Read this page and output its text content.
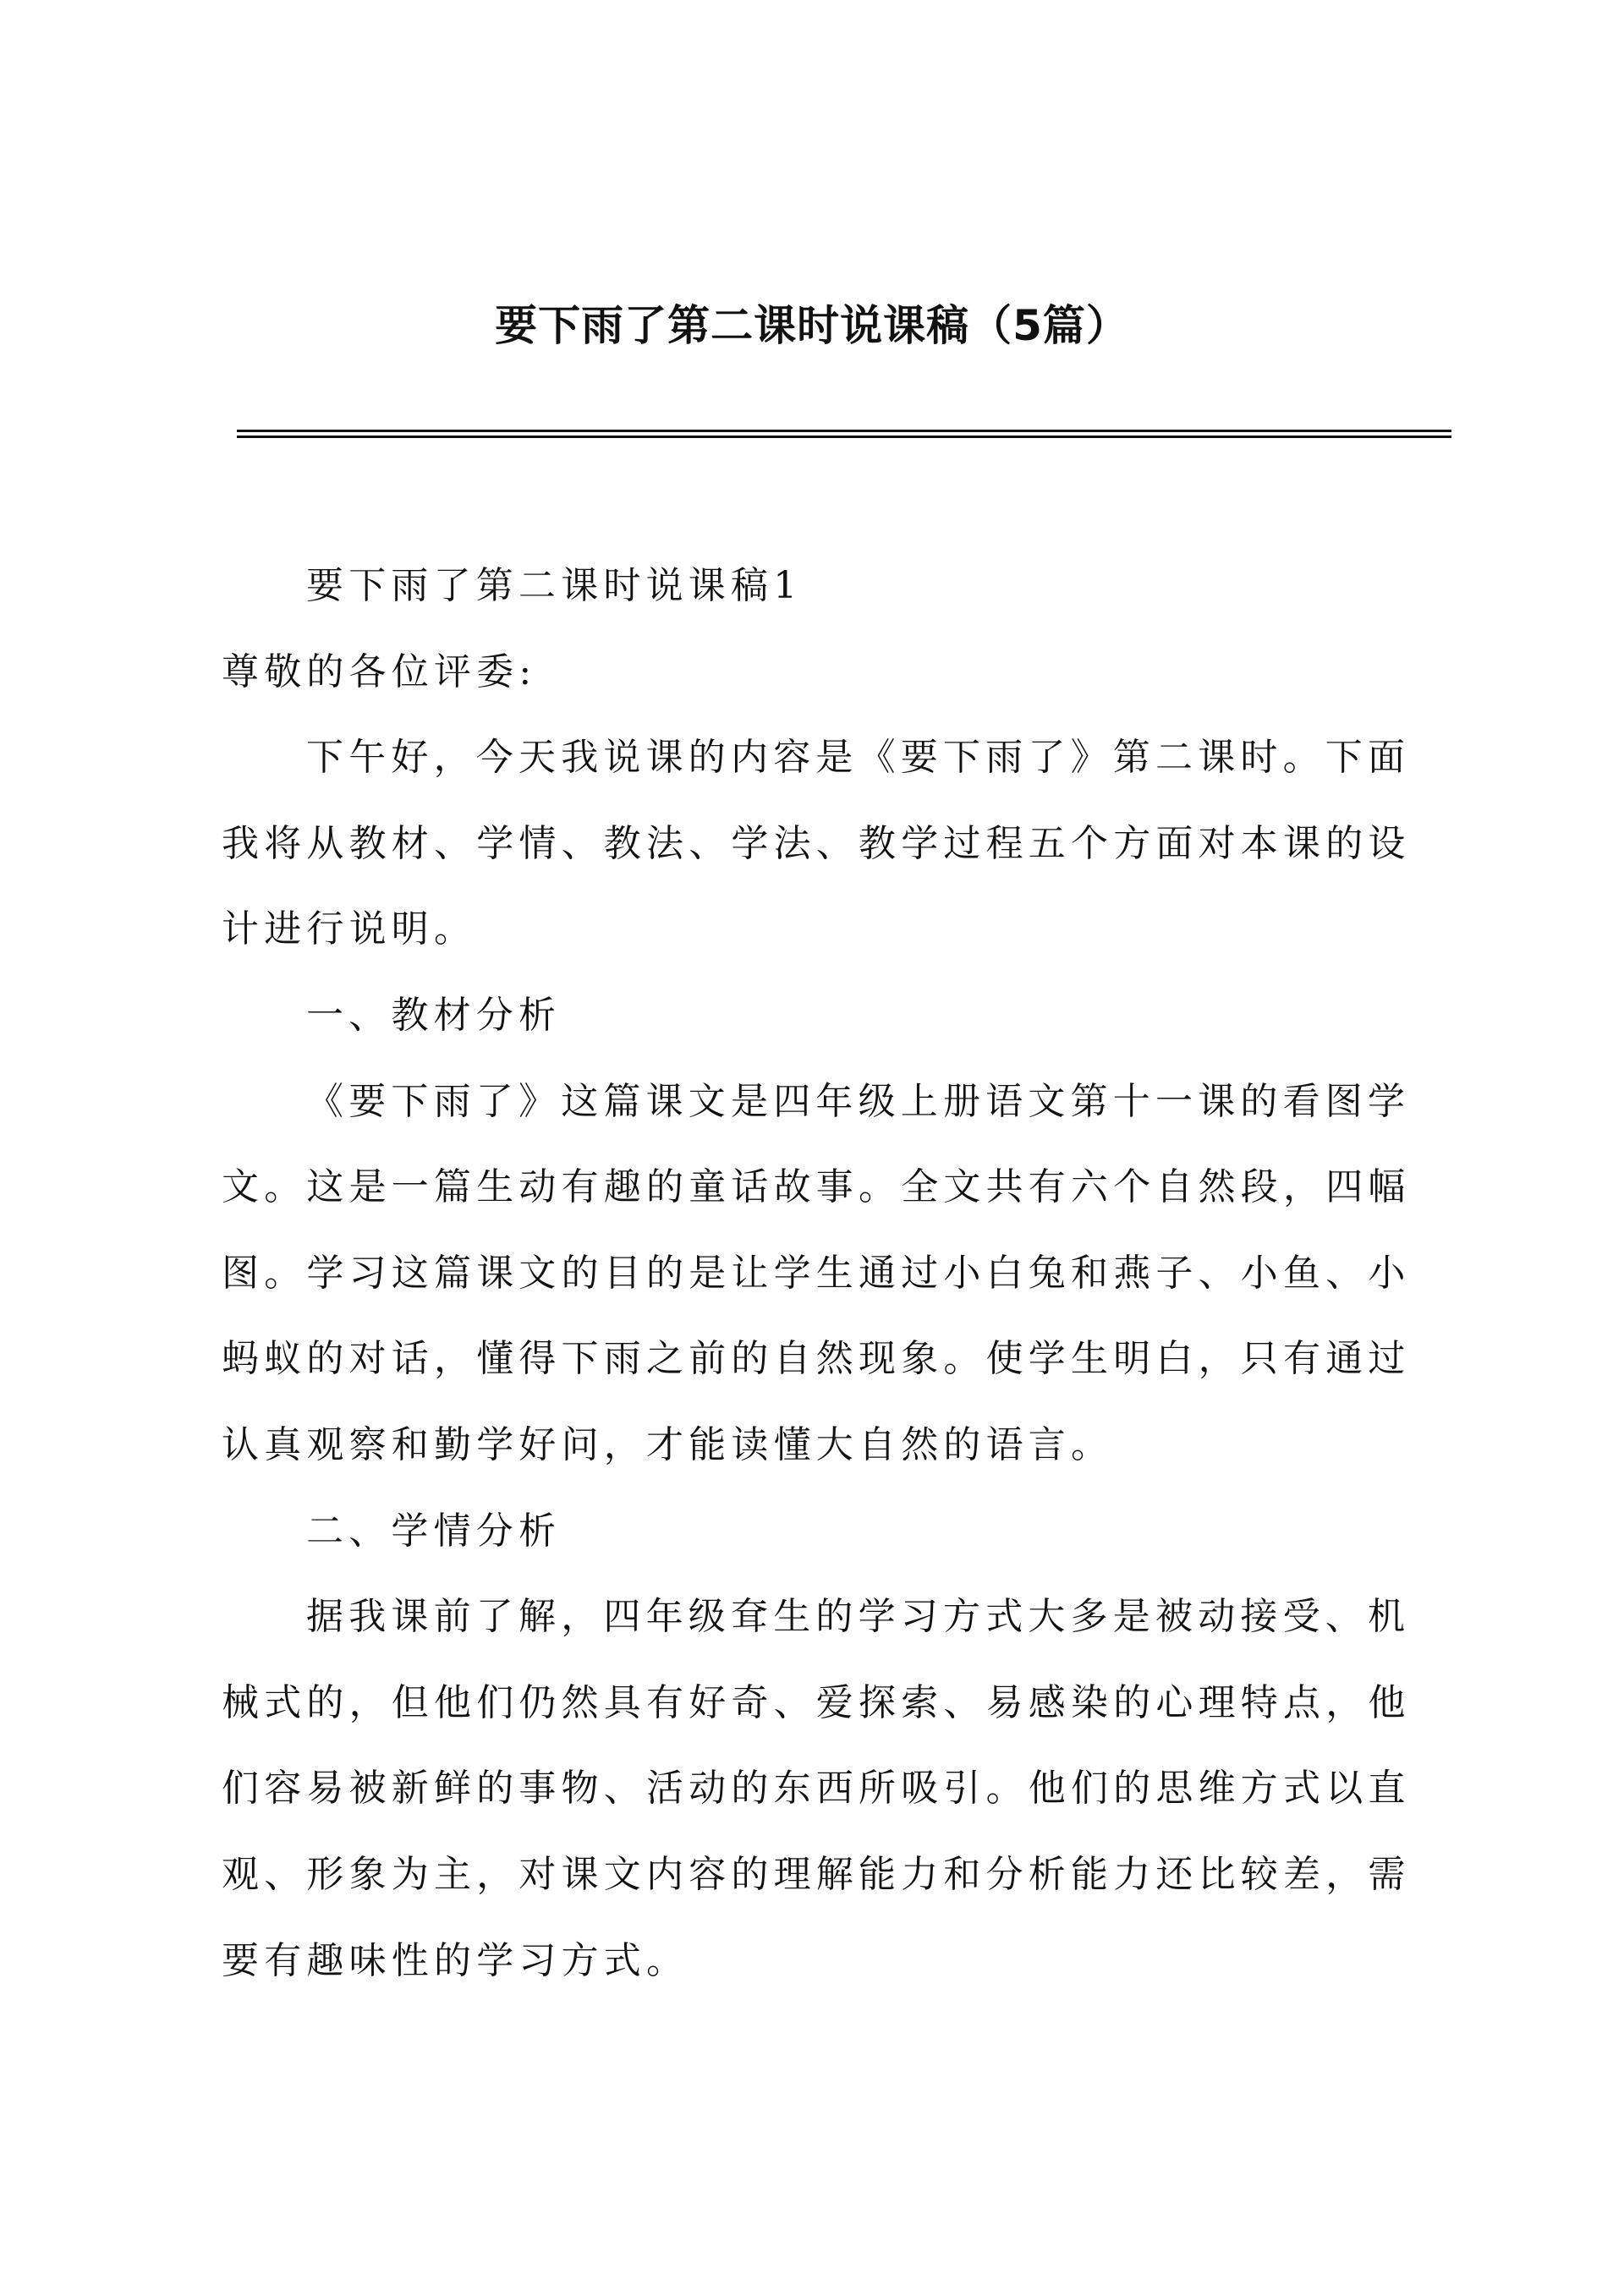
要下雨了第二课时说课稿（5篇）
要下雨了第二课时说课稿1
尊敬的各位评委:
下午好，今天我说课的内容是《要下雨了》第二课时。下面
我将从教材、学情、教法、学法、教学过程五个方面对本课的设
计进行说明。
一、教材分析
《要下雨了》这篇课文是四年级上册语文第十一课的看图学
文。这是一篇生动有趣的童话故事。全文共有六个自然段，四幅
图。学习这篇课文的目的是让学生通过小白兔和燕子、小鱼、小
蚂蚁的对话，懂得下雨之前的自然现象。使学生明白，只有通过
认真观察和勤学好问，才能读懂大自然的语言。
二、学情分析
据我课前了解，四年级耷生的学习方式大多是被动接受、机
械式的，但他们仍然具有好奇、爱探索、易感染的心理特点，他
们容易被新鲜的事物、活动的东西所吸引。他们的思维方式以直
观、形象为主，对课文内容的理解能力和分析能力还比较差，需
要有趣味性的学习方式。
